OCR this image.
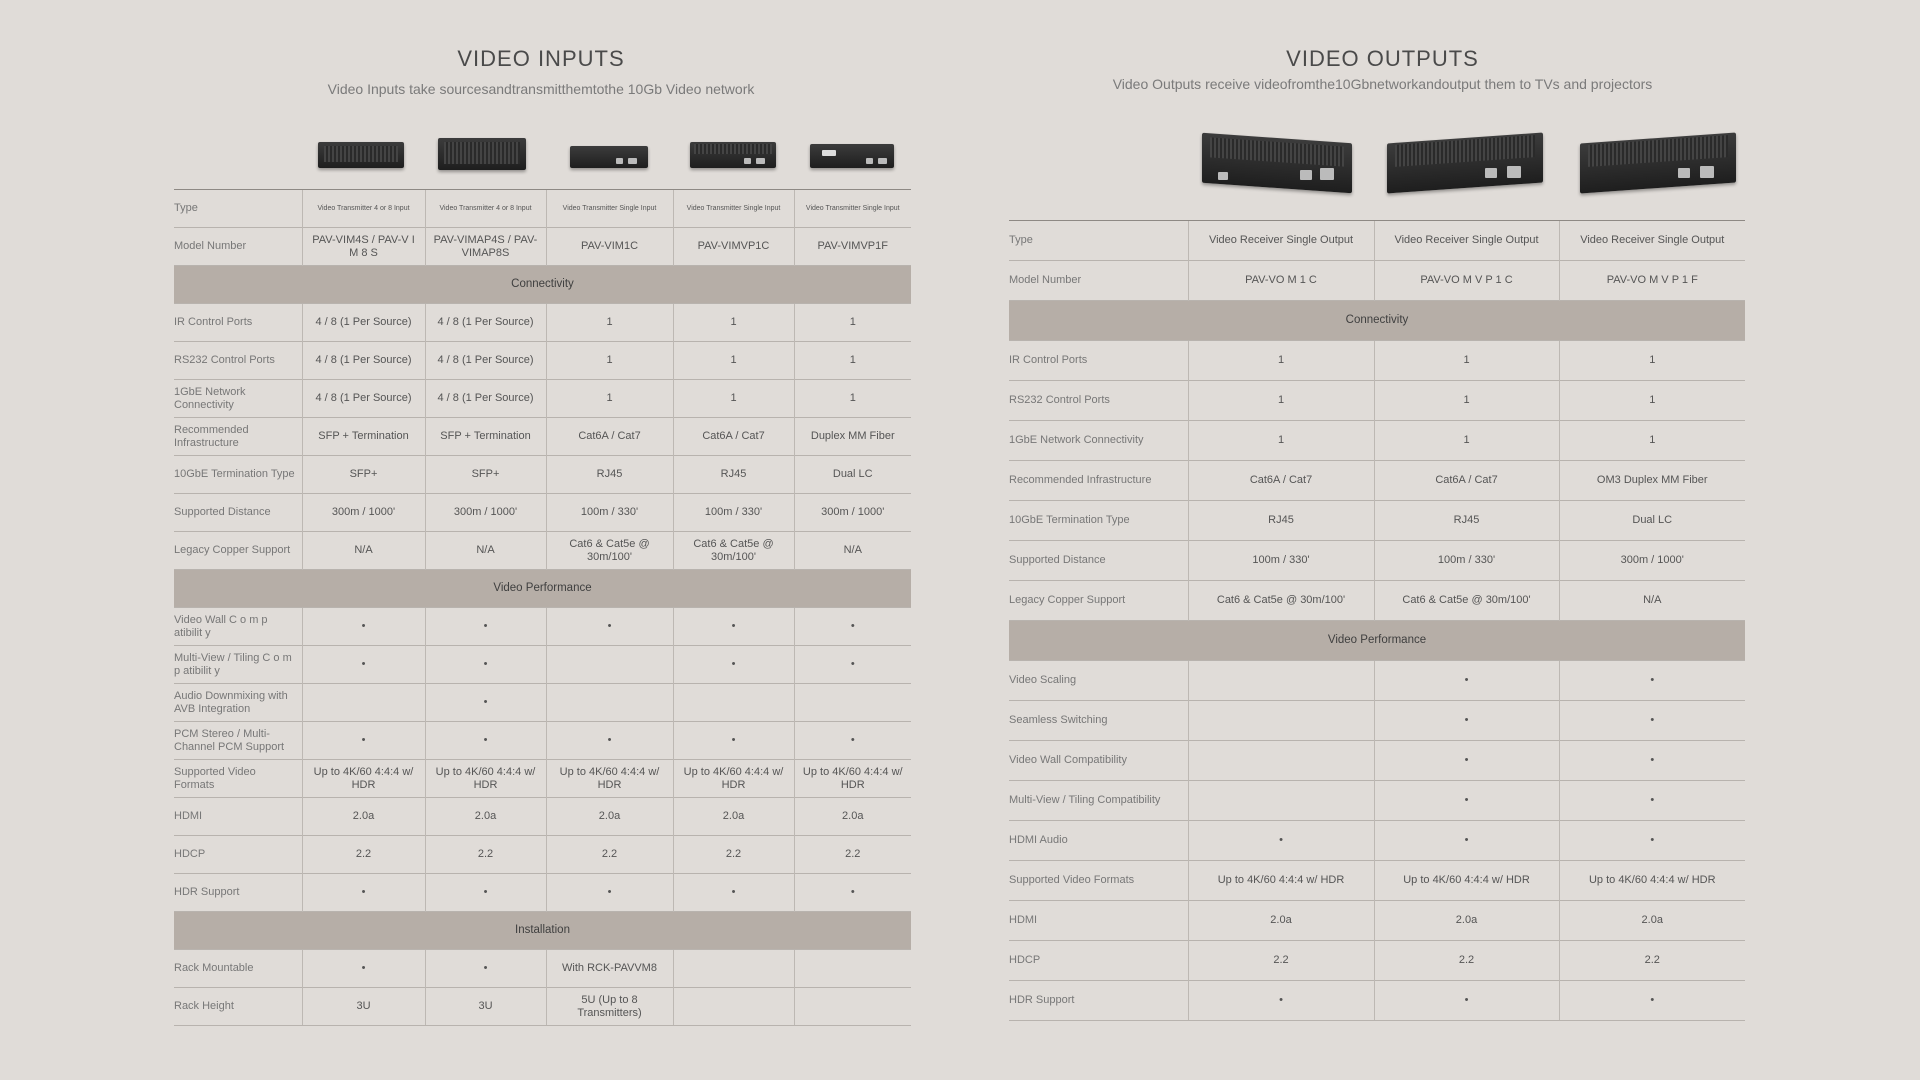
VIDEO INPUTS
Video Inputs take sourcesandtransmitthemtothe 10Gb Video network
Type	Video Transmitter 4 or 8 Input	Video Transmitter 4 or 8 Input	Video Transmitter Single Input	Video Transmitter Single Input	Video Transmitter Single Input
Model Number	PAV-VIM4S / PAV-V I M 8 S	PAV-VIMAP4S / PAV-VIMAP8S	PAV-VIM1C	PAV-VIMVP1C	PAV-VIMVP1F
Connectivity					
IR Control Ports	4 / 8 (1 Per Source)	4 / 8 (1 Per Source)	1	1	1
RS232 Control Ports	4 / 8 (1 Per Source)	4 / 8 (1 Per Source)	1	1	1
1GbE Network Connectivity	4 / 8 (1 Per Source)	4 / 8 (1 Per Source)	1	1	1
Recommended Infrastructure	SFP + Termination	SFP + Termination	Cat6A / Cat7	Cat6A / Cat7	Duplex MM Fiber
10GbE Termination Type	SFP+	SFP+	RJ45	RJ45	Dual LC
Supported Distance	300m / 1000'	300m / 1000'	100m / 330'	100m / 330'	300m / 1000'
Legacy Copper Support	N/A	N/A	Cat6 & Cat5e @ 30m/100'	Cat6 & Cat5e @ 30m/100'	N/A
Video Performance					
Video Wall C o m p atibilit y	•	•	•	•	•
Multi-View / Tiling C o m p atibilit y	•	•		•	•
Audio Downmixing with AVB Integration		•			
PCM Stereo / Multi-Channel PCM Support	•	•	•	•	•
Supported Video Formats	Up to 4K/60 4:4:4 w/ HDR	Up to 4K/60 4:4:4 w/ HDR	Up to 4K/60 4:4:4 w/ HDR	Up to 4K/60 4:4:4 w/ HDR	Up to 4K/60 4:4:4 w/ HDR
HDMI	2.0a	2.0a	2.0a	2.0a	2.0a
HDCP	2.2	2.2	2.2	2.2	2.2
HDR Support	•	•	•	•	•
Installation					
Rack Mountable	•	•	With RCK-PAVVM8		
Rack Height	3U	3U	5U (Up to 8 Transmitters)		
VIDEO OUTPUTS
Video Outputs receive videofromthe10Gbnetworkandoutput them to TVs and projectors
Type	Video Receiver Single Output	Video Receiver Single Output	Video Receiver Single Output
Model Number	PAV-VO M 1 C	PAV-VO M V P 1 C	PAV-VO M V P 1 F
Connectivity			
IR Control Ports	1	1	1
RS232 Control Ports	1	1	1
1GbE Network Connectivity	1	1	1
Recommended Infrastructure	Cat6A / Cat7	Cat6A / Cat7	OM3 Duplex MM Fiber
10GbE Termination Type	RJ45	RJ45	Dual LC
Supported Distance	100m / 330'	100m / 330'	300m / 1000'
Legacy Copper Support	Cat6 & Cat5e @ 30m/100'	Cat6 & Cat5e @ 30m/100'	N/A
Video Performance			
Video Scaling		•	•
Seamless Switching		•	•
Video Wall Compatibility		•	•
Multi-View / Tiling Compatibility		•	•
HDMI Audio	•	•	•
Supported Video Formats	Up to 4K/60 4:4:4 w/ HDR	Up to 4K/60 4:4:4 w/ HDR	Up to 4K/60 4:4:4 w/ HDR
HDMI	2.0a	2.0a	2.0a
HDCP	2.2	2.2	2.2
HDR Support	•	•	•
